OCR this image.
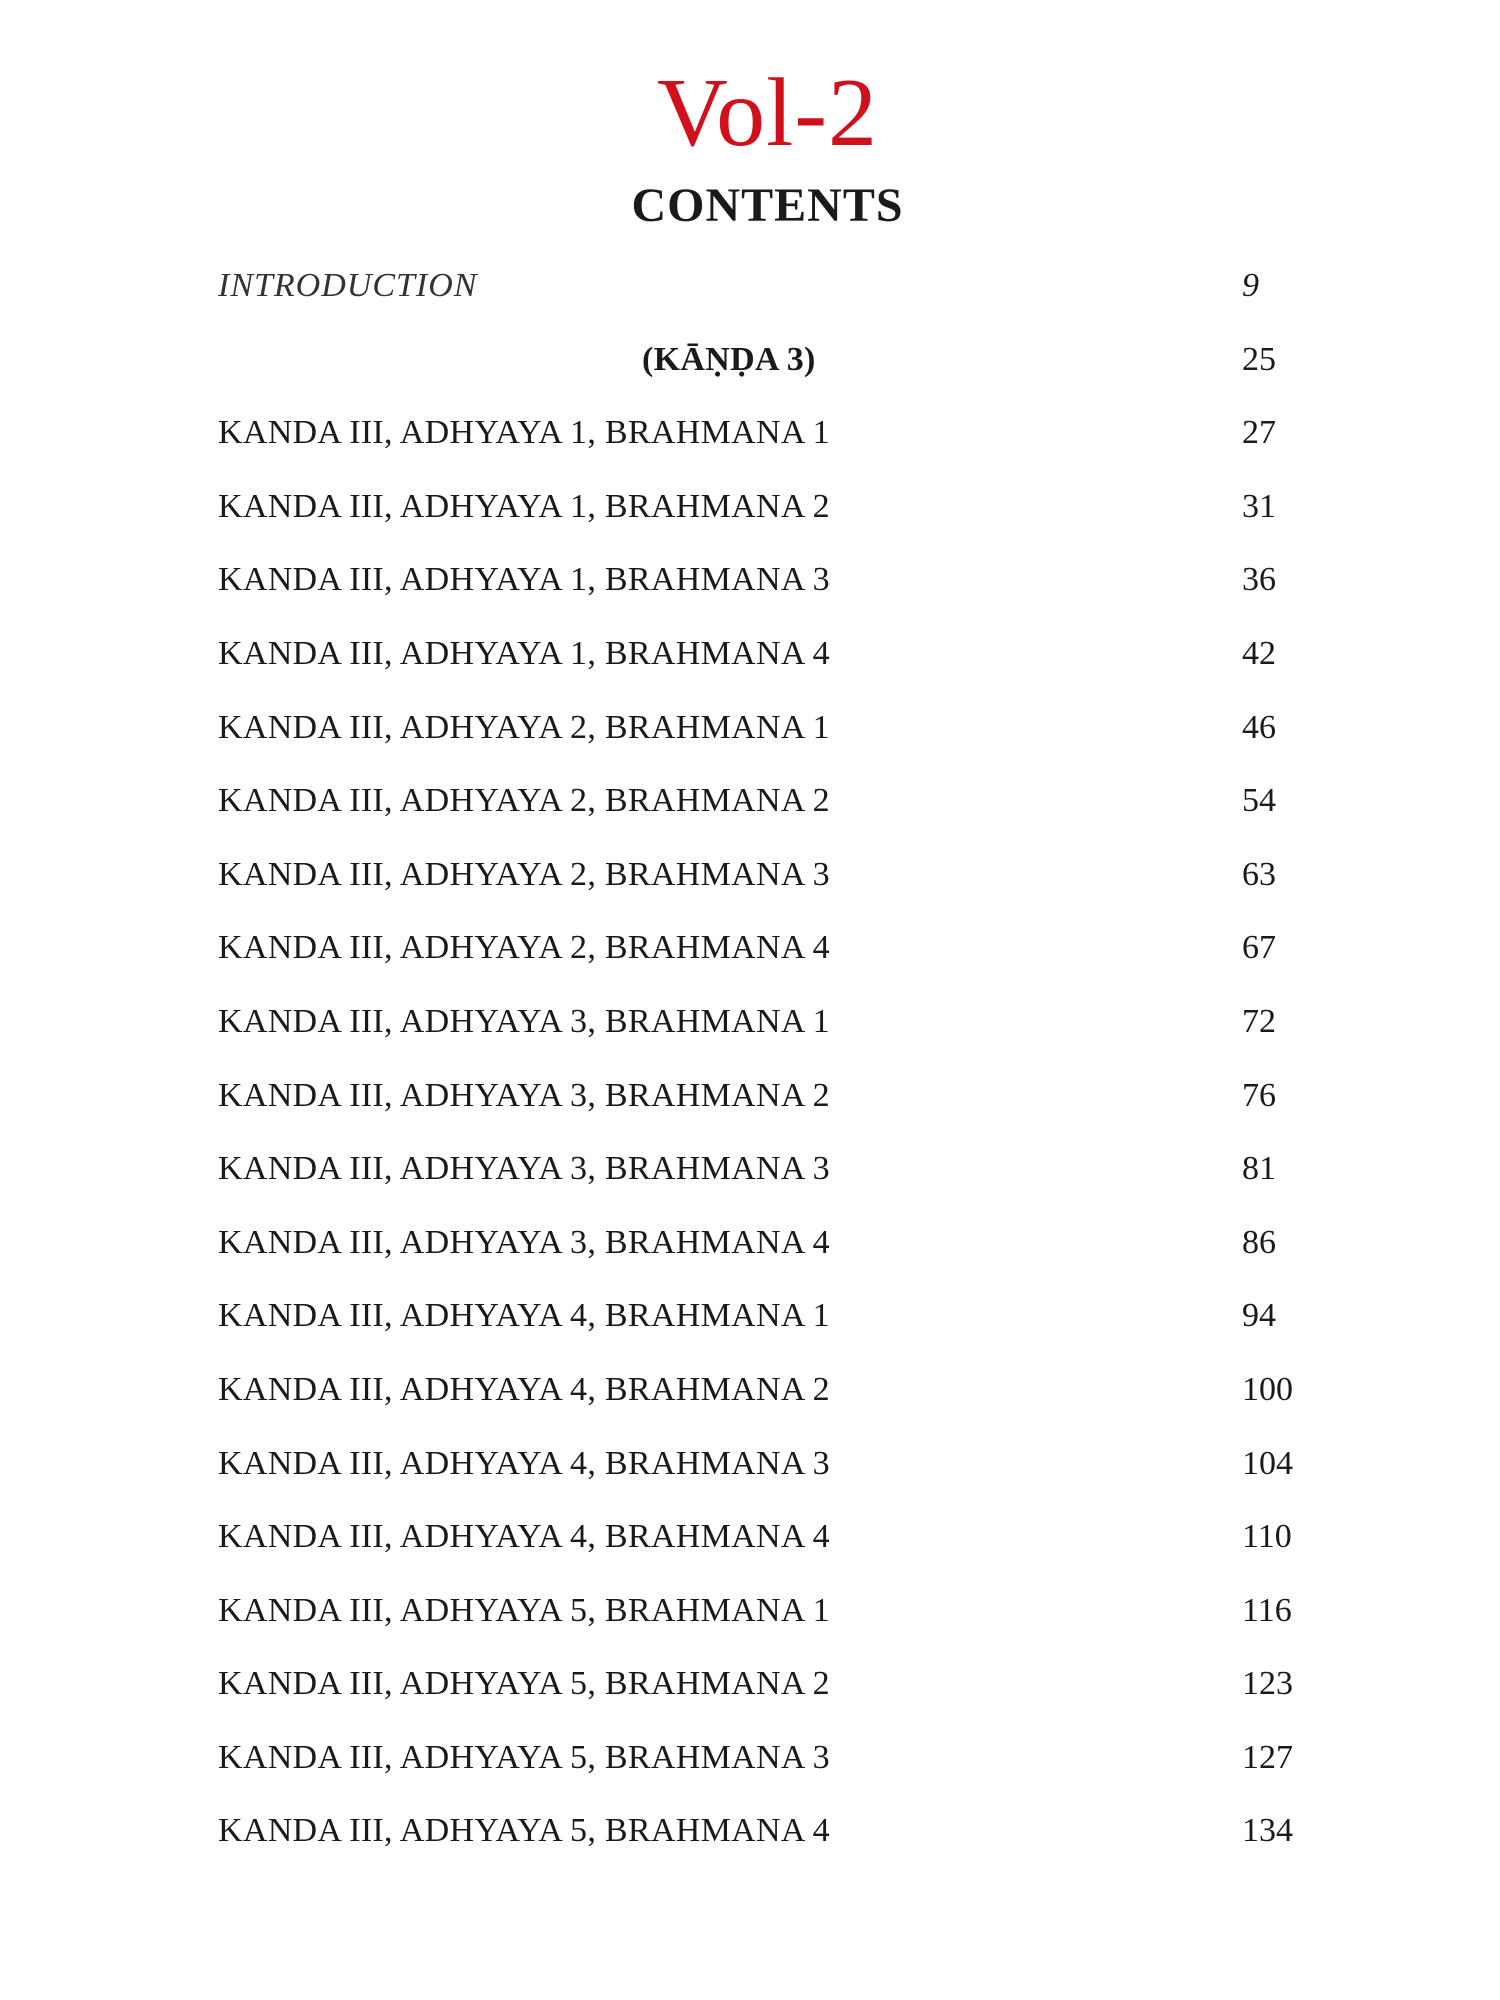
Vol-2
CONTENTS
INTRODUCTION	9
(KĀṆḌA 3)	25
KANDA III, ADHYAYA 1, BRAHMANA 1	27
KANDA III, ADHYAYA 1, BRAHMANA 2	31
KANDA III, ADHYAYA 1, BRAHMANA 3	36
KANDA III, ADHYAYA 1, BRAHMANA 4	42
KANDA III, ADHYAYA 2, BRAHMANA 1	46
KANDA III, ADHYAYA 2, BRAHMANA 2	54
KANDA III, ADHYAYA 2, BRAHMANA 3	63
KANDA III, ADHYAYA 2, BRAHMANA 4	67
KANDA III, ADHYAYA 3, BRAHMANA 1	72
KANDA III, ADHYAYA 3, BRAHMANA 2	76
KANDA III, ADHYAYA 3, BRAHMANA 3	81
KANDA III, ADHYAYA 3, BRAHMANA 4	86
KANDA III, ADHYAYA 4, BRAHMANA 1	94
KANDA III, ADHYAYA 4, BRAHMANA 2	100
KANDA III, ADHYAYA 4, BRAHMANA 3	104
KANDA III, ADHYAYA 4, BRAHMANA 4	110
KANDA III, ADHYAYA 5, BRAHMANA 1	116
KANDA III, ADHYAYA 5, BRAHMANA 2	123
KANDA III, ADHYAYA 5, BRAHMANA 3	127
KANDA III, ADHYAYA 5, BRAHMANA 4	134
